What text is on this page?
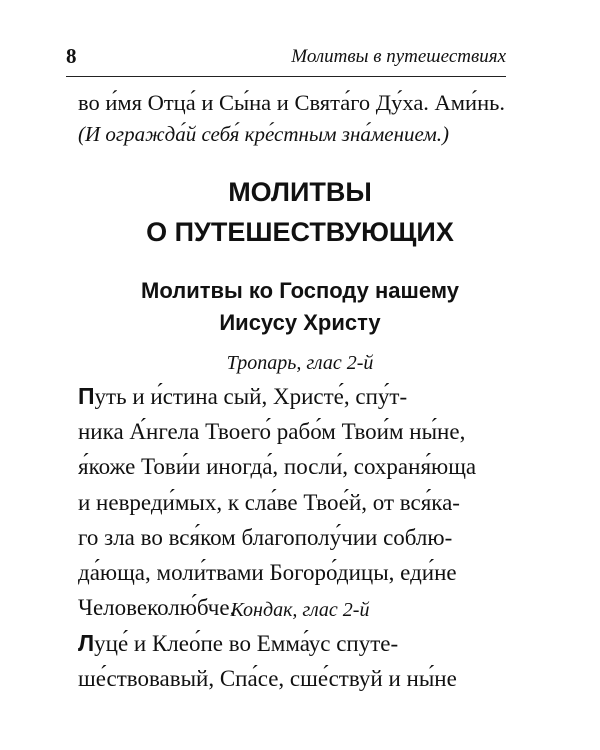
8	Молитвы в путешествиях
во и́мя Отца́ и Сы́на и Свята́го Ду́ха. Ами́нь.
(И огражда́й себя́ кре́стным зна́мением.)
МОЛИТВЫ
О ПУТЕШЕСТВУЮЩИХ
Молитвы ко Господу нашему
Иисусу Христу
Тропарь, глас 2-й
Путь и и́стина сый, Христе́, спу́т-
ника А́нгела Твоего́ рабо́м Твои́м ны́не,
я́коже Тови́и иногда́, посли́, сохраня́юща
и невреди́мых, к сла́ве Твое́й, от вся́ка-
го зла во вся́ком благополу́чии соблю-
да́юща, моли́твами Богоро́дицы, еди́не
Человеколю́бче.
Кондак, глас 2-й
Луце́ и Клео́пе во Емма́ус спуте-
ше́ствовавый, Спа́се, сше́ствуй и ны́не
